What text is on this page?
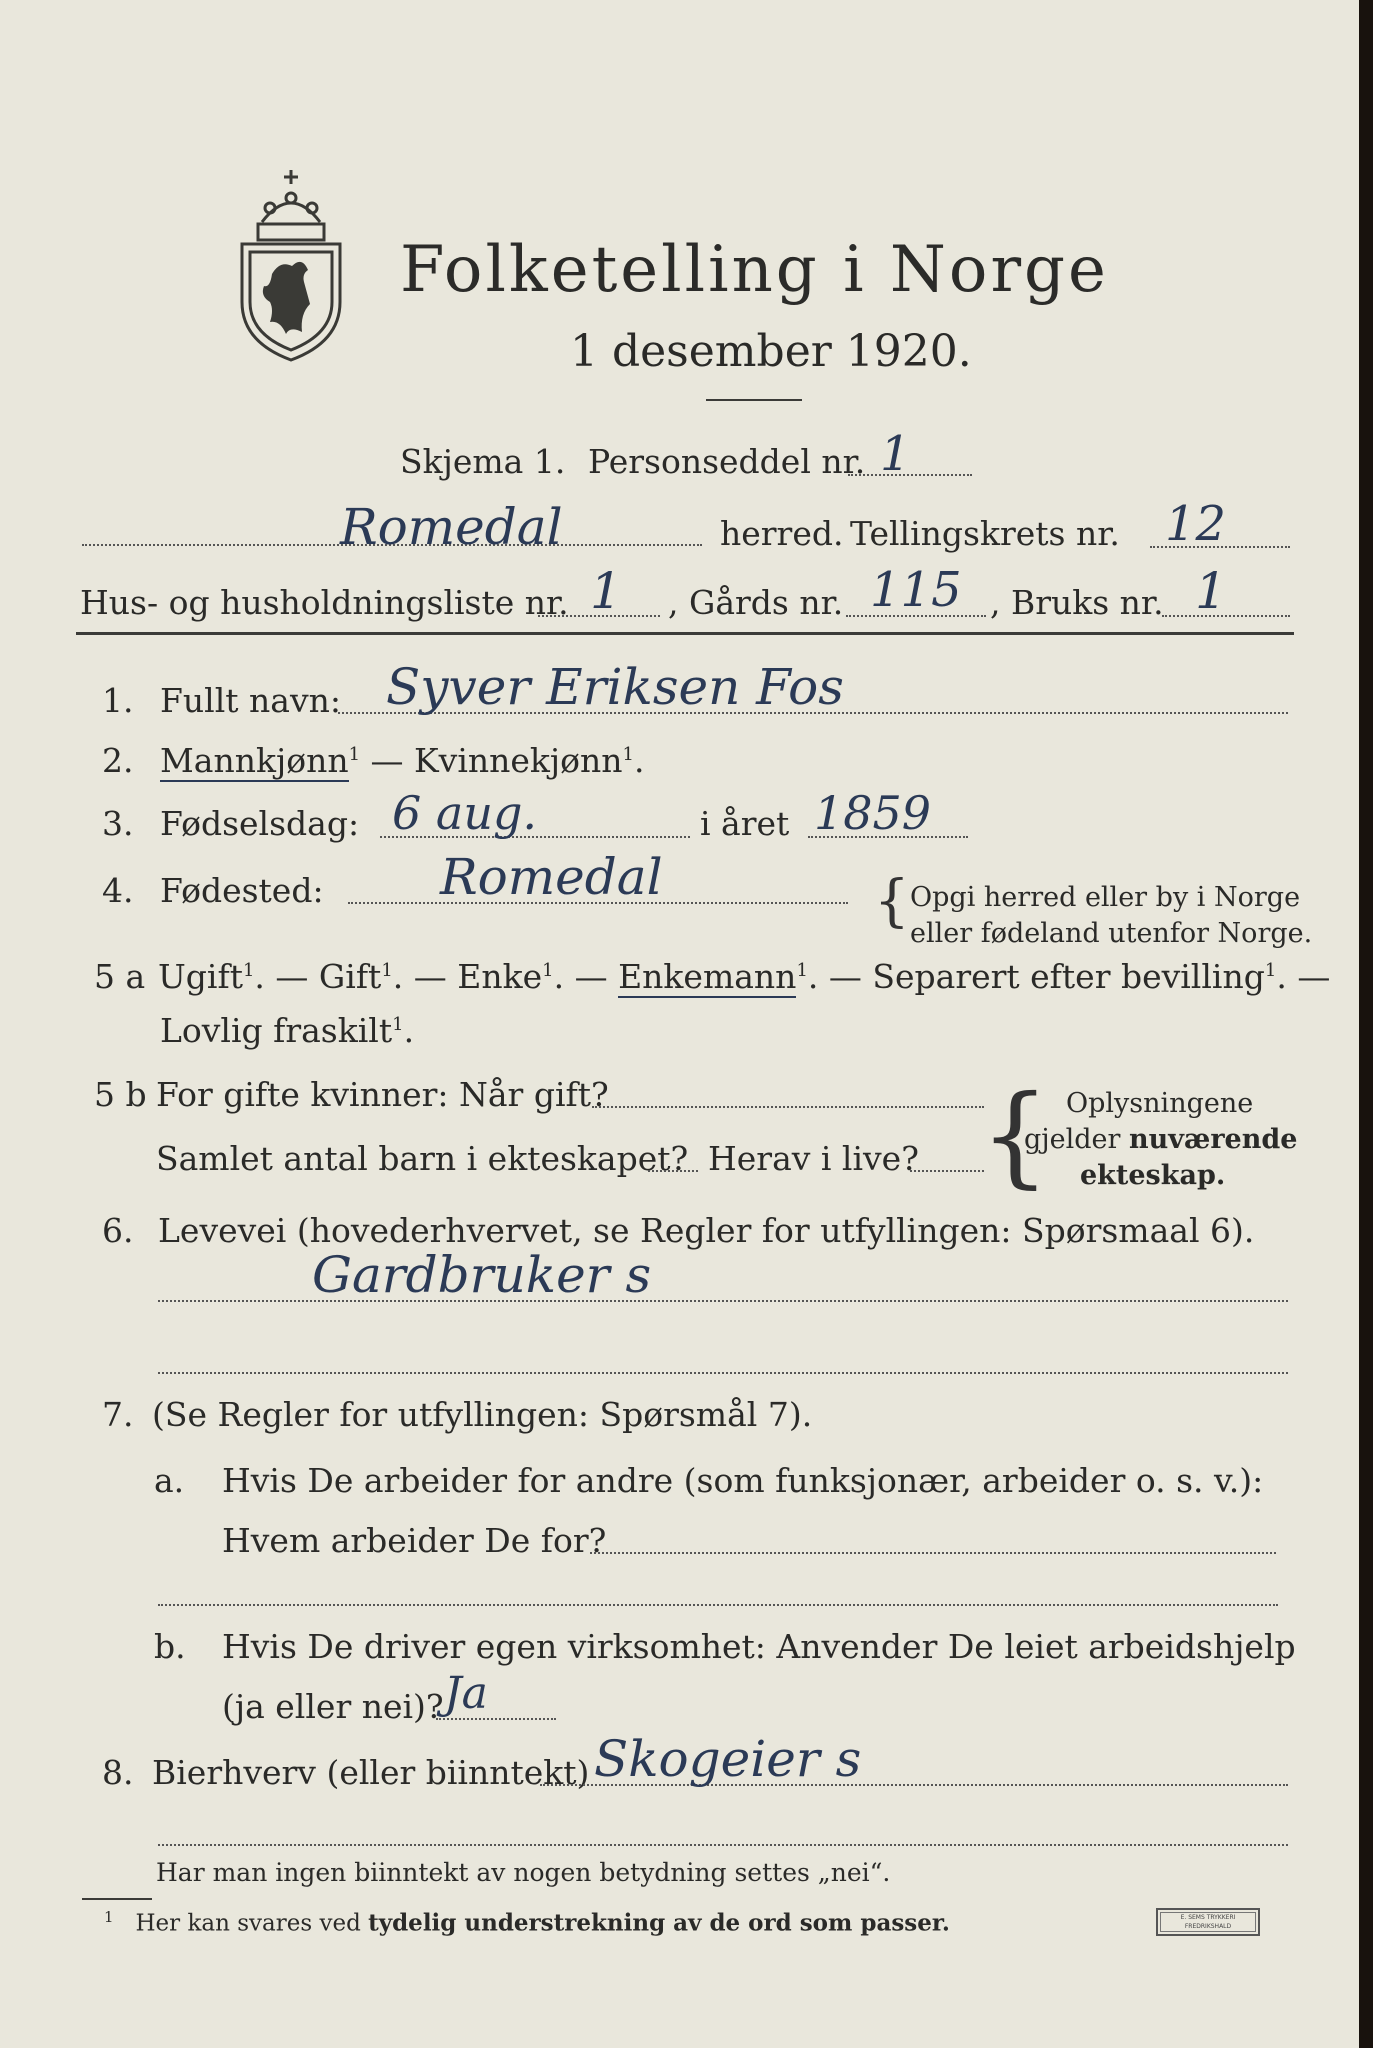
Folketelling i Norge
1 desember 1920.
Skjema 1. Personseddel nr. 1
Romedal	herred. Tellingskrets nr. 12
Hus- og husholdningsliste nr. 1 , Gårds nr. 115 , Bruks nr. 1
1. Fullt navn: Syver Eriksen Fos
2. Mannkjønn$^1$ — Kvinnekjønn$^1$.
3. Fødselsdag: 6 aug.	i året 1859
4. Fødested: Romedal	{ Opgi herred eller by i Norge
eller fødeland utenfor Norge.
5 a Ugift$^1$. — Gift$^1$. — Enke$^1$. — Enkemann$^1$. — Separert efter bevilling$^1$. —
Lovlig fraskilt$^1$.
5 b For gifte kvinner: Når gift?
Samlet antal barn i ekteskapet? Herav i live? { Oplysningene
gjelder nuværende
ekteskap.
6. Levevei (hovederhvervet, se Regler for utfyllingen: Spørsmaal 6).
Gardbruker s
7. (Se Regler for utfyllingen: Spørsmål 7).
a. Hvis De arbeider for andre (som funksjonær, arbeider o. s. v.):
Hvem arbeider De for?
b. Hvis De driver egen virksomhet: Anvender De leiet arbeidshjelp
(ja eller nei)? Ja
8. Bierhverv (eller biinntekt) Skogeier s
Har man ingen biinntekt av nogen betydning settes „nei“.
$^1$ Her kan svares ved tydelig understrekning av de ord som passer.	E. SEMS TRYKKERI
FREDRIKSHALD
